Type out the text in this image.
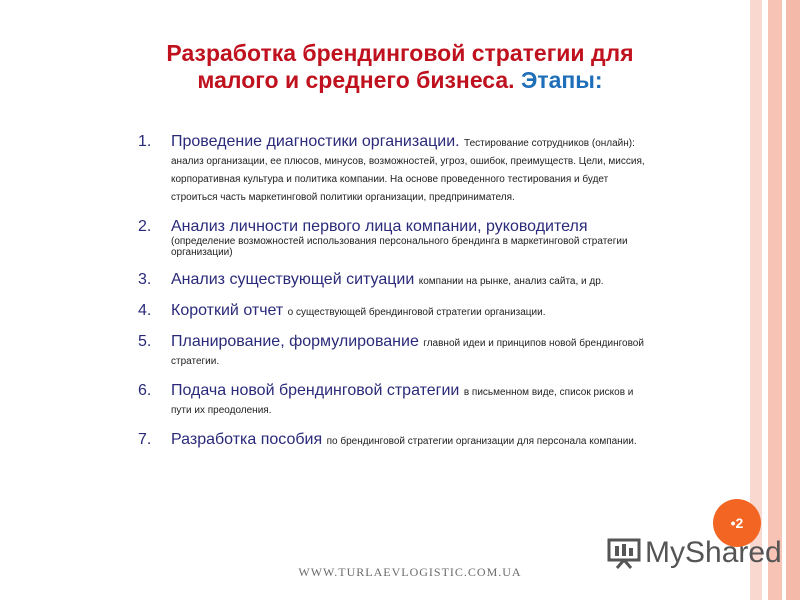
Разработка брендинговой стратегии для
малого и среднего бизнеса. Этапы:
1.	Проведение диагностики организации. Тестирование сотрудников (онлайн): анализ организации, ее плюсов, минусов, возможностей, угроз, ошибок, преимуществ. Цели, миссия, корпоративная культура и политика компании. На основе проведенного тестирования и будет строиться часть маркетинговой политики организации, предпринимателя.
2.	Анализ личности первого лица компании, руководителя
(определение возможностей использования персонального брендинга в маркетинговой стратегии организации)
3.	Анализ существующей ситуации компании на рынке, анализ сайта, и др.
4.	Короткий отчет о существующей брендинговой стратегии организации.
5.	Планирование, формулирование главной идеи и принципов новой брендинговой стратегии.
6.	Подача новой брендинговой стратегии в письменном виде, список рисков и пути их преодоления.
7.	Разработка пособия по брендинговой стратегии организации для персонала компании.
•2
My Shared
WWW.TURLAEVLOGISTIC.COM.UA
